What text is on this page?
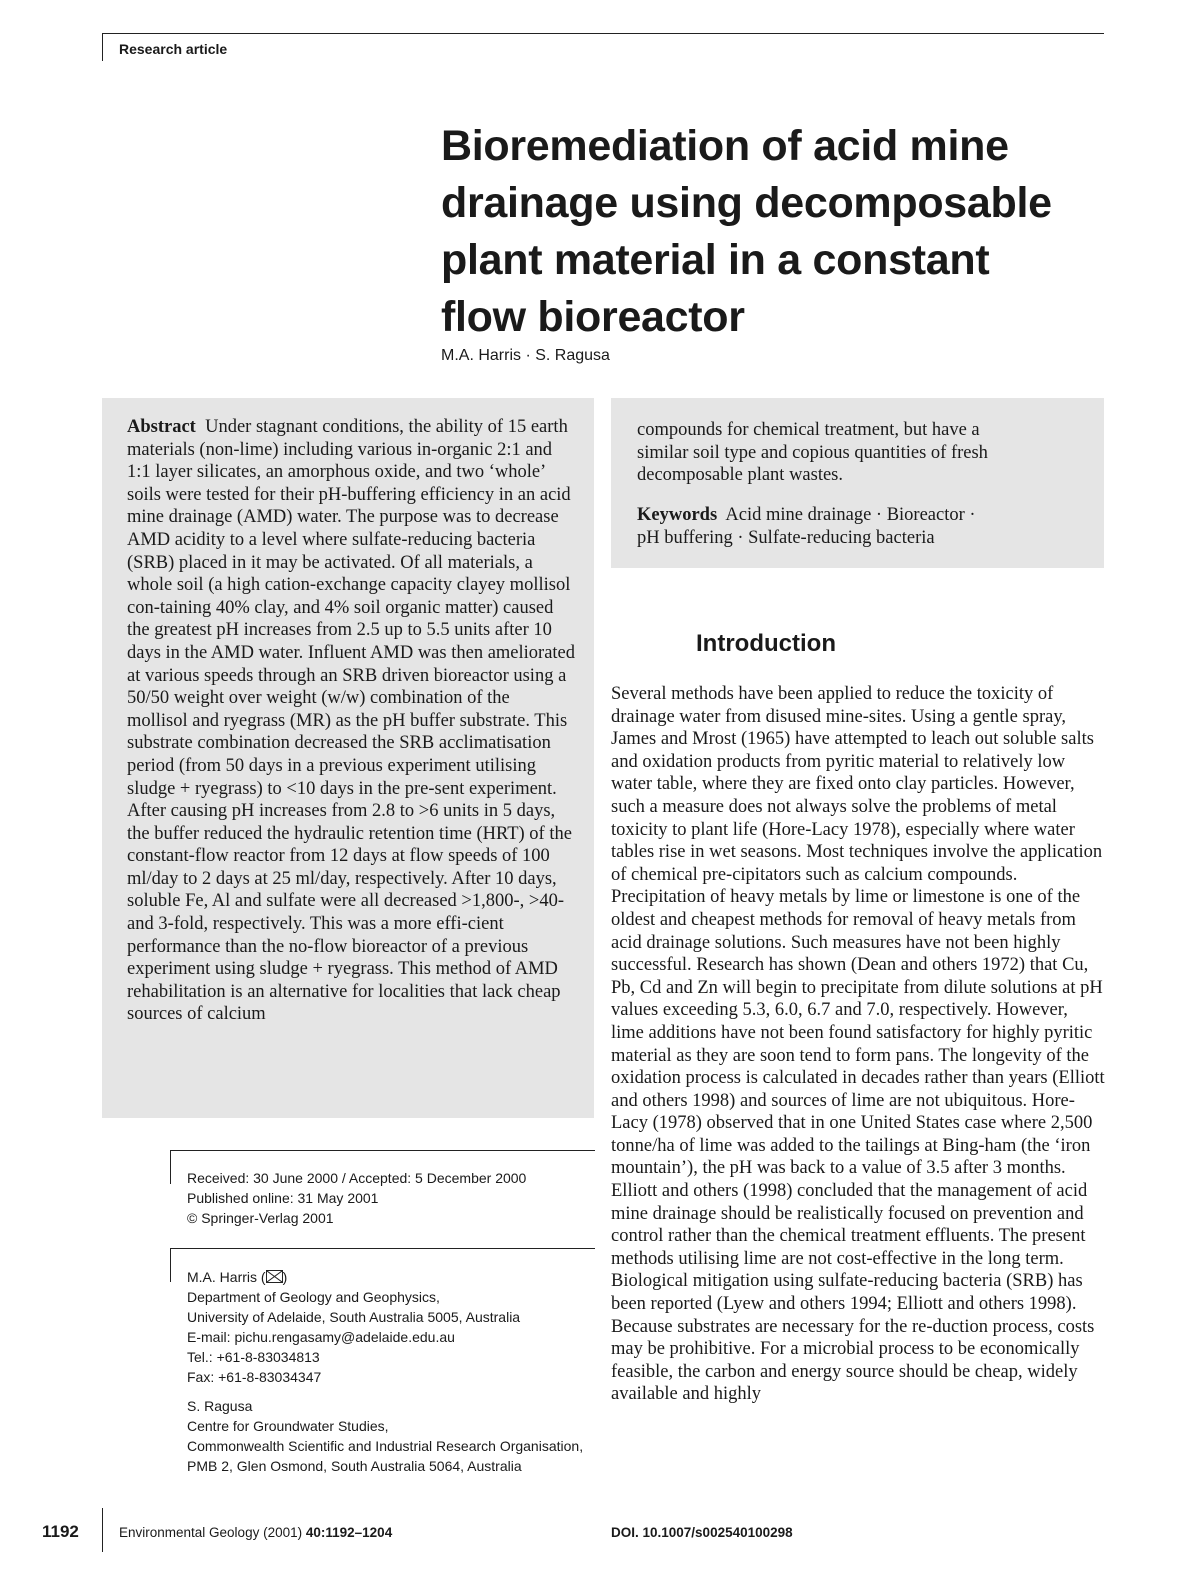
Research article
Bioremediation of acid mine drainage using decomposable plant material in a constant flow bioreactor
M.A. Harris · S. Ragusa

Abstract Under stagnant conditions, the ability of 15 earth materials (non-lime) including various in-organic 2:1 and 1:1 layer silicates, an amorphous oxide, and two ‘whole’ soils were tested for their pH-buffering efficiency in an acid mine drainage (AMD) water. The purpose was to decrease AMD acidity to a level where sulfate-reducing bacteria (SRB) placed in it may be activated. Of all materials, a whole soil (a high cation-exchange capacity clayey mollisol con-taining 40% clay, and 4% soil organic matter) caused the greatest pH increases from 2.5 up to 5.5 units after 10 days in the AMD water. Influent AMD was then ameliorated at various speeds through an SRB driven bioreactor using a 50/50 weight over weight (w/w) combination of the mollisol and ryegrass (MR) as the pH buffer substrate. This substrate combination decreased the SRB acclimatisation period (from 50 days in a previous experiment utilising sludge + ryegrass) to <10 days in the pre-sent experiment. After causing pH increases from 2.8 to >6 units in 5 days, the buffer reduced the hydraulic retention time (HRT) of the constant-flow reactor from 12 days at flow speeds of 100 ml/day to 2 days at 25 ml/day, respectively. After 10 days, soluble Fe, Al and sulfate were all decreased >1,800-, >40- and 3-fold, respectively. This was a more effi-cient performance than the no-flow bioreactor of a previous experiment using sludge + ryegrass. This method of AMD rehabilitation is an alternative for localities that lack cheap sources of calcium

compounds for chemical treatment, but have a
similar soil type and copious quantities of fresh
decomposable plant wastes.
Keywords Acid mine drainage · Bioreactor ·
pH buffering · Sulfate-reducing bacteria
Introduction

Several methods have been applied to reduce the toxicity of drainage water from disused mine-sites. Using a gentle spray, James and Mrost (1965) have attempted to leach out soluble salts and oxidation products from pyritic material to relatively low water table, where they are fixed onto clay particles. However, such a measure does not always solve the problems of metal toxicity to plant life (Hore-Lacy 1978), especially where water tables rise in wet seasons. Most techniques involve the application of chemical pre-cipitators such as calcium compounds. Precipitation of heavy metals by lime or limestone is one of the oldest and cheapest methods for removal of heavy metals from acid drainage solutions. Such measures have not been highly successful. Research has shown (Dean and others 1972) that Cu, Pb, Cd and Zn will begin to precipitate from dilute solutions at pH values exceeding 5.3, 6.0, 6.7 and 7.0, respectively. However, lime additions have not been found satisfactory for highly pyritic material as they are soon tend to form pans. The longevity of the oxidation process is calculated in decades rather than years (Elliott and others 1998) and sources of lime are not ubiquitous. Hore-Lacy (1978) observed that in one United States case where 2,500 tonne/ha of lime was added to the tailings at Bing-ham (the ‘iron mountain’), the pH was back to a value of 3.5 after 3 months. Elliott and others (1998) concluded that the management of acid mine drainage should be realistically focused on prevention and control rather than the chemical treatment effluents. The present methods utilising lime are not cost-effective in the long term. Biological mitigation using sulfate-reducing bacteria (SRB) has been reported (Lyew and others 1994; Elliott and others 1998). Because substrates are necessary for the re-duction process, costs may be prohibitive. For a microbial process to be economically feasible, the carbon and energy source should be cheap, widely available and highly

Received: 30 June 2000 / Accepted: 5 December 2000
Published online: 31 May 2001
© Springer-Verlag 2001
M.A. Harris ( )
Department of Geology and Geophysics,
University of Adelaide, South Australia 5005, Australia
E-mail: pichu.rengasamy@adelaide.edu.au
Tel.: +61-8-83034813
Fax: +61-8-83034347
S. Ragusa
Centre for Groundwater Studies,
Commonwealth Scientific and Industrial Research Organisation,
PMB 2, Glen Osmond, South Australia 5064, Australia
1192	Environmental Geology (2001) 40:1192–1204	DOI. 10.1007/s002540100298
